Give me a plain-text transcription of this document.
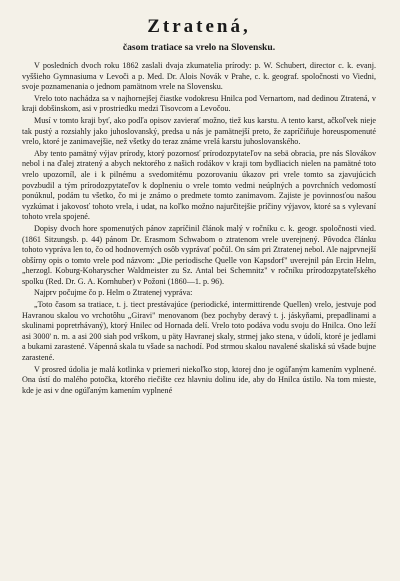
Ztratená,
časom tratiace sa vrelo na Slovensku.

V posledních dvoch roku 1862 zaslali dvaja zkumatelia prírody: p. W. Schubert, director c. k. evanj. vyššieho Gymnasiuma v Levoči a p. Med. Dr. Alois Novák v Prahe, c. k. geograf. spoločnosti vo Viedni, svoje poznamenania o jednom pamätnom vrele na Slovensku.

Vrelo toto nachádza sa v najhornejšej čiastke vodokresu Hnilca pod Vernartom, nad dedinou Ztratená, v kraji dobšinskom, asi v prostriedku medzi Tisovcom a Levočou.

Musí v tomto kraji byť, ako podľa opisov zavierať možno, tiež kus karstu. A tento karst, ačkoľvek nieje tak pustý a rozsiahly jako juhoslovanský, predsa u nás je pamätnejší preto, že zapríčiňuje horeuspomenuté vrelo, ktoré je zanimavejšie, než všetky do teraz známe vrelá karstu juhoslovanského.

Aby tento pamätný výjav prírody, ktorý pozornosť prírodozpytateľov na sebä obracia, pre nás Slovákov nebol i na ďalej ztratený a abych nektorého z našich rodákov v kraji tom bydliacich nielen na pamätné toto vrelo upozorníl, ale i k pilnému a svedomitému pozorovaniu úkazov pri vrele tomto sa zjavujúcich povzbudil a tým prírodozpytateľov k doplneniu o vrele tomto vedmi neúplných a povrchních vedomostí ponúknul, podám tu všetko, čo mi je známo o predmete tomto zanimavom. Zajiste je povinnosťou našou vyzkúmat i jakovosť tohoto vrela, i udat, na koľko možno najurčitejšie príčiny výjavov, ktoré sa s vylevaní tohoto vrela spojené.

Dopisy dvoch hore spomenutých pánov zapríčinil článok malý v ročníku c. k. geogr. spoločnosti vied. (1861 Sitzungsb. p. 44) pánom Dr. Erasmom Schwabom o ztratenom vrele uverejnený. Pôvodca článku tohoto vypráva len to, čo od hodnoverných osôb vyprávať počúl. On sám pri Ztratenej nebol. Ale najprvnejší obšírny opis o tomto vrele pod názvom: „Die periodische Quelle von Kapsdorf" uverejnil pán Ercin Helm, „herzogl. Koburg-Koharyscher Waldmeister zu Sz. Antal bei Schemnitz" v ročníku prírodozpytateľského spolku (Red. Dr. G. A. Kornhuber) v Požoni (1860—1. p. 96).

Najprv počujme čo p. Helm o Ztratenej vypráva:

„Toto časom sa tratiace, t. j. tiect prestávajúce (periodické, intermittirende Quellen) vrelo, jestvuje pod Havranou skalou vo vrchotôhu „Giravi" menovanom (bez pochyby deravý t. j. jáskyňami, prepadlinami a skulinami popretrhávaný), ktorý Hnilec od Hornada delí. Vrelo toto podáva vodu svoju do Hnilca. Ono leží asi 3000' n. m. a asi 200 siah pod vrškom, u päty Havranej skaly, strmej jako stena, v údolí, ktoré je jedlami a bukami zarastené. Vápenná skala tu všade sa nachodí. Pod strmou skalou navalené skaliská sú všade bujne zarastené.

V prosred údolia je malá kotlinka v priemeri niekoľko stop, ktorej dno je ogúľaným kamením vyplnené. Ona ústí do malého potočka, ktorého riečište cez hlavniu dolinu ide, aby do Hnilca ústilo. Na tom mieste, kde je asi v dne ogúľaným kamením vyplnené
